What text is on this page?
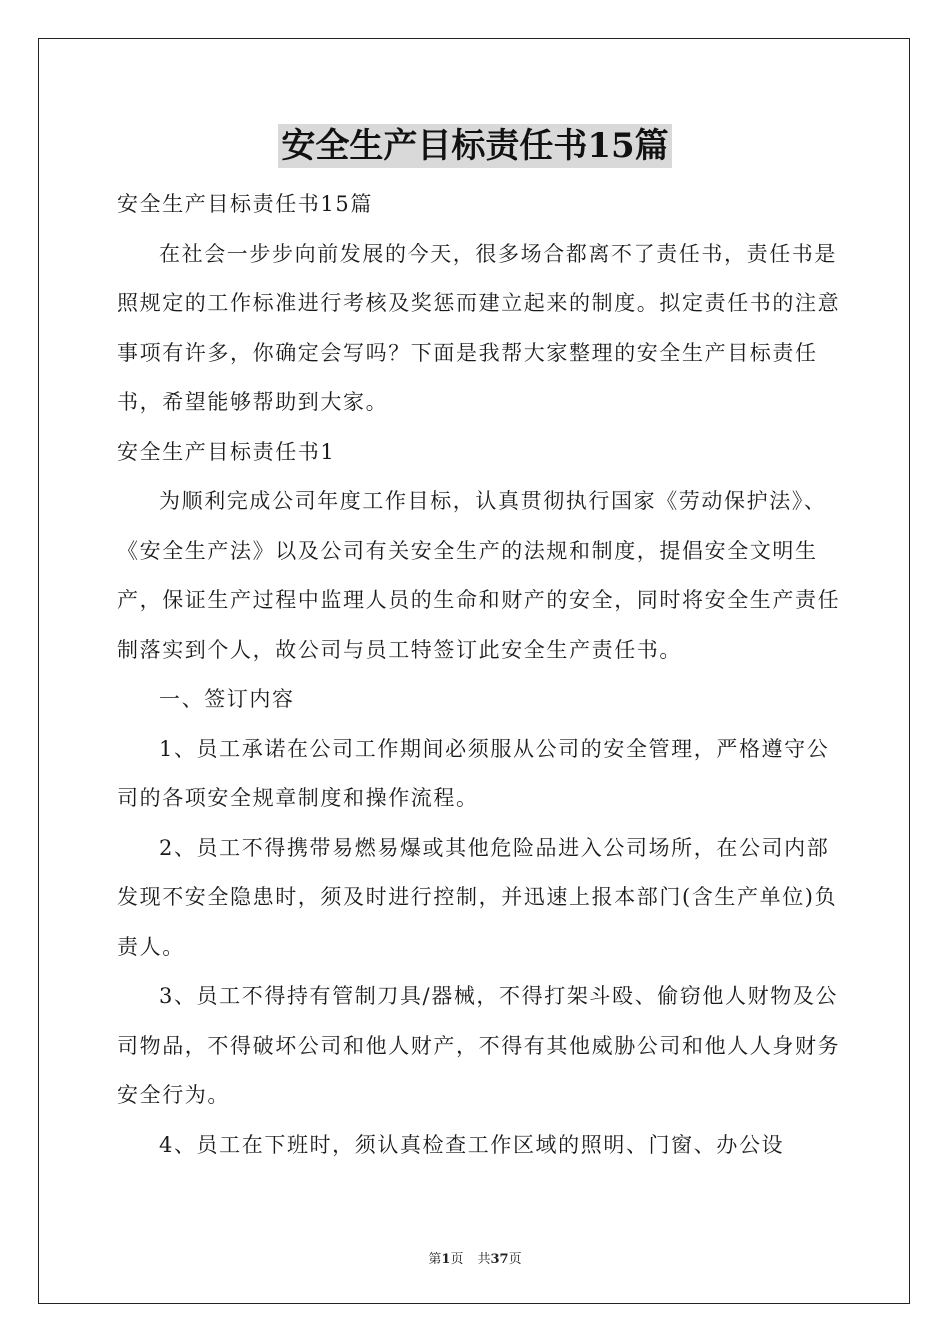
安全生产目标责任书15篇

安全生产目标责任书15篇

在社会一步步向前发展的今天，很多场合都离不了责任书，责任书是照规定的工作标准进行考核及奖惩而建立起来的制度。拟定责任书的注意事项有许多，你确定会写吗？下面是我帮大家整理的安全生产目标责任书，希望能够帮助到大家。

安全生产目标责任书1

为顺利完成公司年度工作目标，认真贯彻执行国家《劳动保护法》、《安全生产法》以及公司有关安全生产的法规和制度，提倡安全文明生产，保证生产过程中监理人员的生命和财产的安全，同时将安全生产责任制落实到个人，故公司与员工特签订此安全生产责任书。

一、签订内容

1、员工承诺在公司工作期间必须服从公司的安全管理，严格遵守公司的各项安全规章制度和操作流程。

2、员工不得携带易燃易爆或其他危险品进入公司场所，在公司内部发现不安全隐患时，须及时进行控制，并迅速上报本部门(含生产单位)负责人。

3、员工不得持有管制刀具/器械，不得打架斗殴、偷窃他人财物及公司物品，不得破坏公司和他人财产，不得有其他威胁公司和他人人身财务安全行为。

4、员工在下班时，须认真检查工作区域的照明、门窗、办公设

第1页 共37页
